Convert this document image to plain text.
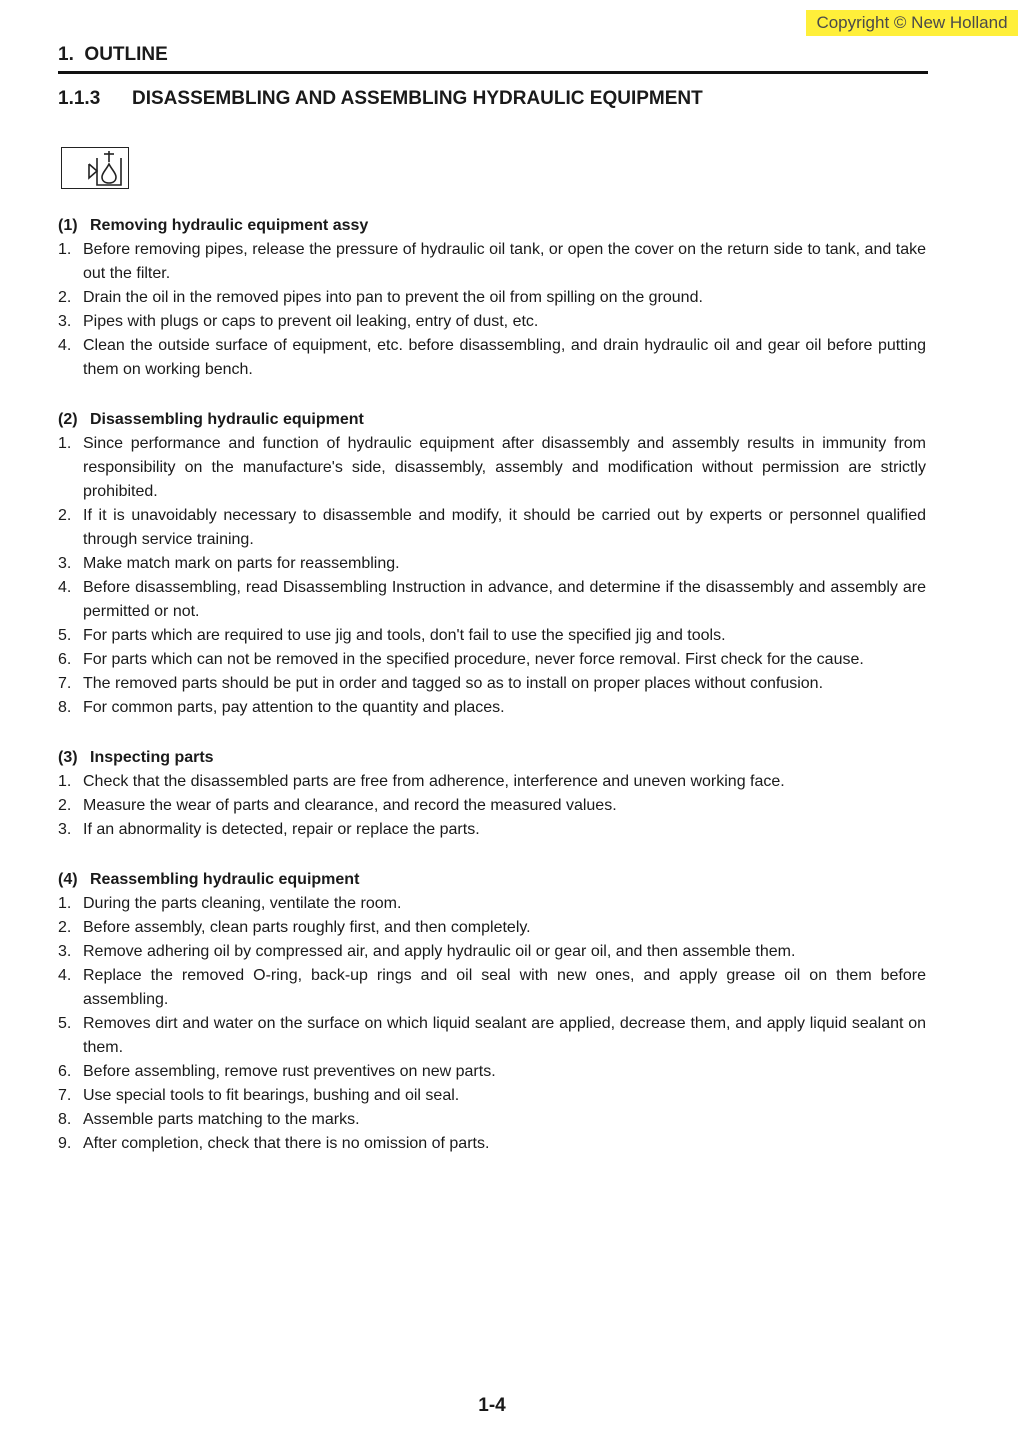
Copyright © New Holland
1. OUTLINE
1.1.3 DISASSEMBLING AND ASSEMBLING HYDRAULIC EQUIPMENT
(1) Removing hydraulic equipment assy
1. Before removing pipes, release the pressure of hydraulic oil tank, or open the cover on the return side to tank, and take out the filter.
2. Drain the oil in the removed pipes into pan to prevent the oil from spilling on the ground.
3. Pipes with plugs or caps to prevent oil leaking, entry of dust, etc.
4. Clean the outside surface of equipment, etc. before disassembling, and drain hydraulic oil and gear oil before putting them on working bench.
(2) Disassembling hydraulic equipment
1. Since performance and function of hydraulic equipment after disassembly and assembly results in immunity from responsibility on the manufacture's side, disassembly, assembly and modification without permission are strictly prohibited.
2. If it is unavoidably necessary to disassemble and modify, it should be carried out by experts or personnel qualified through service training.
3. Make match mark on parts for reassembling.
4. Before disassembling, read Disassembling Instruction in advance, and determine if the disassembly and assembly are permitted or not.
5. For parts which are required to use jig and tools, don't fail to use the specified jig and tools.
6. For parts which can not be removed in the specified procedure, never force removal. First check for the cause.
7. The removed parts should be put in order and tagged so as to install on proper places without confusion.
8. For common parts, pay attention to the quantity and places.
(3) Inspecting parts
1. Check that the disassembled parts are free from adherence, interference and uneven working face.
2. Measure the wear of parts and clearance, and record the measured values.
3. If an abnormality is detected, repair or replace the parts.
(4) Reassembling hydraulic equipment
1. During the parts cleaning, ventilate the room.
2. Before assembly, clean parts roughly first, and then completely.
3. Remove adhering oil by compressed air, and apply hydraulic oil or gear oil, and then assemble them.
4. Replace the removed O-ring, back-up rings and oil seal with new ones, and apply grease oil on them before assembling.
5. Removes dirt and water on the surface on which liquid sealant are applied, decrease them, and apply liquid sealant on them.
6. Before assembling, remove rust preventives on new parts.
7. Use special tools to fit bearings, bushing and oil seal.
8. Assemble parts matching to the marks.
9. After completion, check that there is no omission of parts.
1-4
